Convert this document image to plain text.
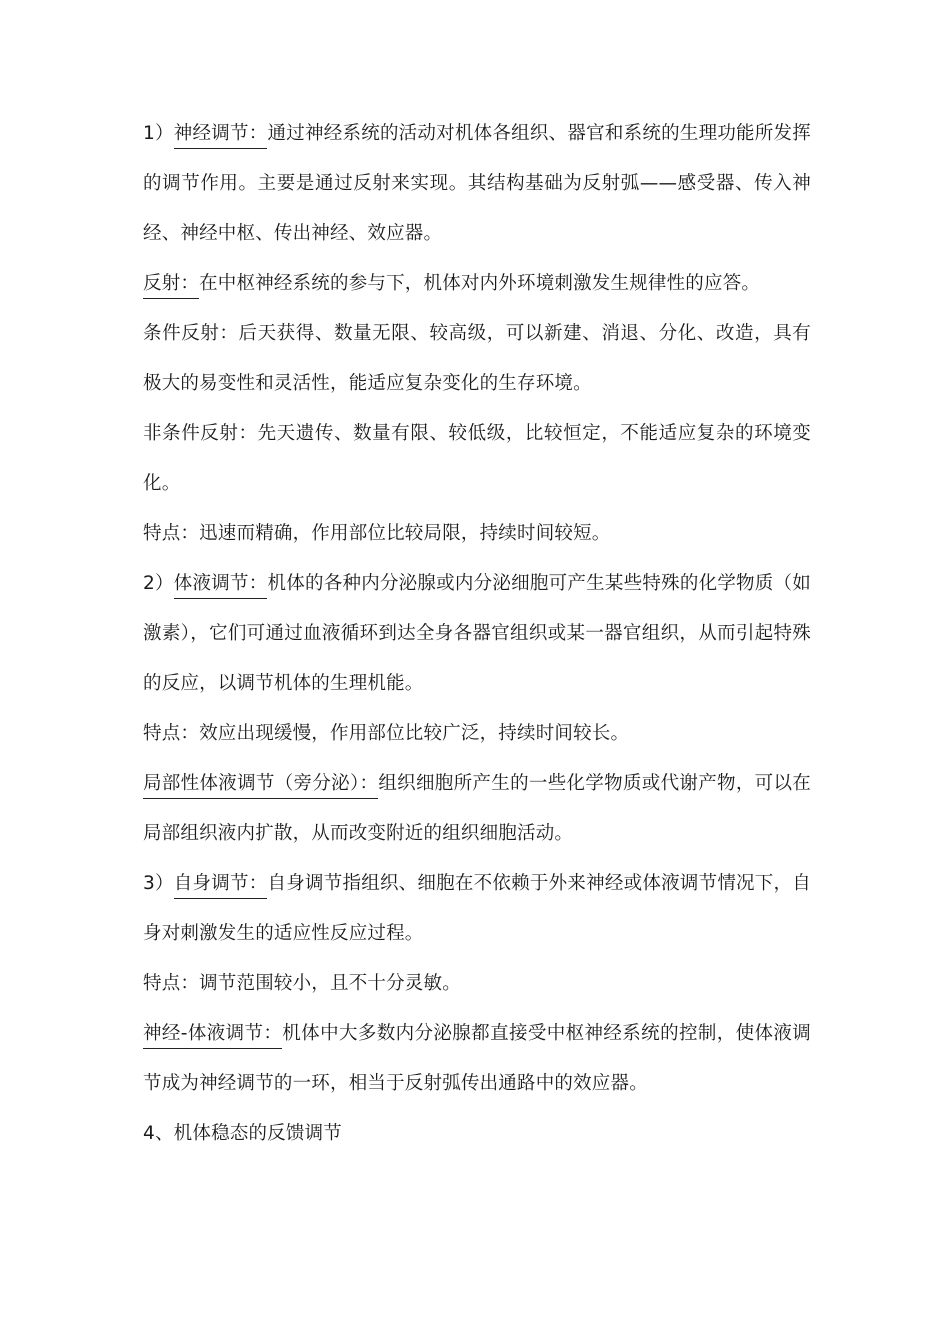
1）神经调节：通过神经系统的活动对机体各组织、器官和系统的生理功能所发挥的调节作用。主要是通过反射来实现。其结构基础为反射弧——感受器、传入神经、神经中枢、传出神经、效应器。

反射：在中枢神经系统的参与下，机体对内外环境刺激发生规律性的应答。

条件反射：后天获得、数量无限、较高级，可以新建、消退、分化、改造，具有极大的易变性和灵活性，能适应复杂变化的生存环境。

非条件反射：先天遗传、数量有限、较低级，比较恒定，不能适应复杂的环境变化。

特点：迅速而精确，作用部位比较局限，持续时间较短。

2）体液调节：机体的各种内分泌腺或内分泌细胞可产生某些特殊的化学物质（如激素），它们可通过血液循环到达全身各器官组织或某一器官组织，从而引起特殊的反应，以调节机体的生理机能。

特点：效应出现缓慢，作用部位比较广泛，持续时间较长。

局部性体液调节（旁分泌）：组织细胞所产生的一些化学物质或代谢产物，可以在局部组织液内扩散，从而改变附近的组织细胞活动。

3）自身调节：自身调节指组织、细胞在不依赖于外来神经或体液调节情况下，自身对刺激发生的适应性反应过程。

特点：调节范围较小，且不十分灵敏。

神经-体液调节：机体中大多数内分泌腺都直接受中枢神经系统的控制，使体液调节成为神经调节的一环，相当于反射弧传出通路中的效应器。

4、机体稳态的反馈调节
